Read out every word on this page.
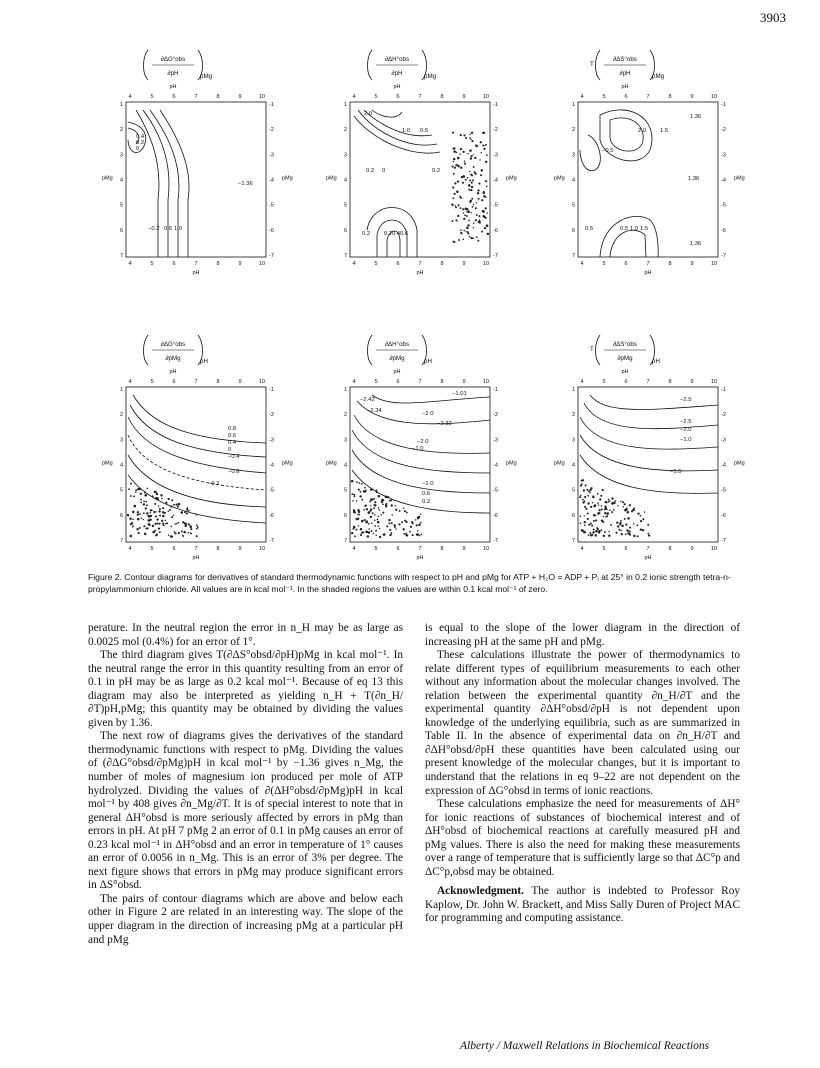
3903
∂ΔG°obs
∂pH	pMg
pH
4
4
5
5
6
6
7
7
8
8
9
9
10
10
1	-1
2	-2
3	-3
4	-4
5	-5
6	-6
7	-7
pH
pMg	pMg
0.4
0.2
0
−1.36
−0.2 0.6 1.0
∂ΔH°obs
∂pH	pMg
pH
4
4
5
5
6
6
7
7
8
8
9
9
10
10
1	-1
2	-2
3	-3
4	-4
5	-5
6	-6
7	-7
pH
pMg	pMg
2.0
1.0 0.5
0.2	0.2
0
0.2 0.2 0.4 0.6
T
∂ΔS°obs
∂pH	pMg
pH
4
4
5
5
6
6
7
7
8
8
9
9
10
10
1	-1
2	-2
3	-3
4	-4
5	-5
6	-6
7	-7
pH
pMg	pMg
1.36
2.0 1.5
−0.5
1.36
0.5	0.5 1.0 1.5
1.36
∂ΔG°obs
∂pMg	pH
pH
4
4
5
5
6
6
7
7
8
8
9
9
10
10
1	-1
2	-2
3	-3
4	-4
5	-5
6	-6
7	-7
pH
pMg	pMg
0.8
0.6
0.4
0
−0.4
−0.6
−0.2
∂ΔH°obs
∂pMg	pH
pH
4
4
5
5
6
6
7
7
8
8
9
9
10
10
1	-1
2	-2
3	-3
4	-4
5	-5
6	-6
7	-7
pH
pMg	pMg
−1.01
−2.42
−2.34	−2.0
−2.32
−2.0
−1.0
−1.0
0.6
0.2
T
∂ΔS°obs
∂pMg	pH
pH
4
4
5
5
6
6
7
7
8
8
9
9
10
10
1	-1
2	-2
3	-3
4	-4
5	-5
6	-6
7	-7
pH
pMg	pMg
−2.5
−2.5
−2.0
−1.0
−1.5
Figure 2. Contour diagrams for derivatives of standard thermodynamic functions with respect to pH and pMg for ATP + H₂O = ADP + Pᵢ at 25° in 0.2 ionic strength tetra-n-propylammonium chloride. All values are in kcal mol⁻¹. In the shaded regions the values are within 0.1 kcal mol⁻¹ of zero.

perature. In the neutral region the error in n_H may be as large as 0.0025 mol (0.4%) for an error of 1°.

The third diagram gives T(∂ΔS°obsd/∂pH)pMg in kcal mol⁻¹. In the neutral range the error in this quantity resulting from an error of 0.1 in pH may be as large as 0.2 kcal mol⁻¹. Because of eq 13 this diagram may also be interpreted as yielding n_H + T(∂n_H/∂T)pH,pMg; this quantity may be obtained by dividing the values given by 1.36.

The next row of diagrams gives the derivatives of the standard thermodynamic functions with respect to pMg. Dividing the values of (∂ΔG°obsd/∂pMg)pH in kcal mol⁻¹ by −1.36 gives n_Mg, the number of moles of magnesium ion produced per mole of ATP hydrolyzed. Dividing the values of ∂(ΔH°obsd/∂pMg)pH in kcal mol⁻¹ by 408 gives ∂n_Mg/∂T. It is of special interest to note that in general ΔH°obsd is more seriously affected by errors in pMg than errors in pH. At pH 7 pMg 2 an error of 0.1 in pMg causes an error of 0.23 kcal mol⁻¹ in ΔH°obsd and an error in temperature of 1° causes an error of 0.0056 in n_Mg. This is an error of 3% per degree. The next figure shows that errors in pMg may produce significant errors in ΔS°obsd.

The pairs of contour diagrams which are above and below each other in Figure 2 are related in an interesting way. The slope of the upper diagram in the direction of increasing pMg at a particular pH and pMg

is equal to the slope of the lower diagram in the direction of increasing pH at the same pH and pMg.

These calculations illustrate the power of thermodynamics to relate different types of equilibrium measurements to each other without any information about the molecular changes involved. The relation between the experimental quantity ∂n_H/∂T and the experimental quantity ∂ΔH°obsd/∂pH is not dependent upon knowledge of the underlying equilibria, such as are summarized in Table II. In the absence of experimental data on ∂n_H/∂T and ∂ΔH°obsd/∂pH these quantities have been calculated using our present knowledge of the molecular changes, but it is important to understand that the relations in eq 9–22 are not dependent on the expression of ΔG°obsd in terms of ionic reactions.

These calculations emphasize the need for measurements of ΔH° for ionic reactions of substances of biochemical interest and of ΔH°obsd of biochemical reactions at carefully measured pH and pMg values. There is also the need for making these measurements over a range of temperature that is sufficiently large so that ΔC°p and ΔC°p,obsd may be obtained.

Acknowledgment. The author is indebted to Professor Roy Kaplow, Dr. John W. Brackett, and Miss Sally Duren of Project MAC for programming and computing assistance.

Alberty / Maxwell Relations in Biochemical Reactions
